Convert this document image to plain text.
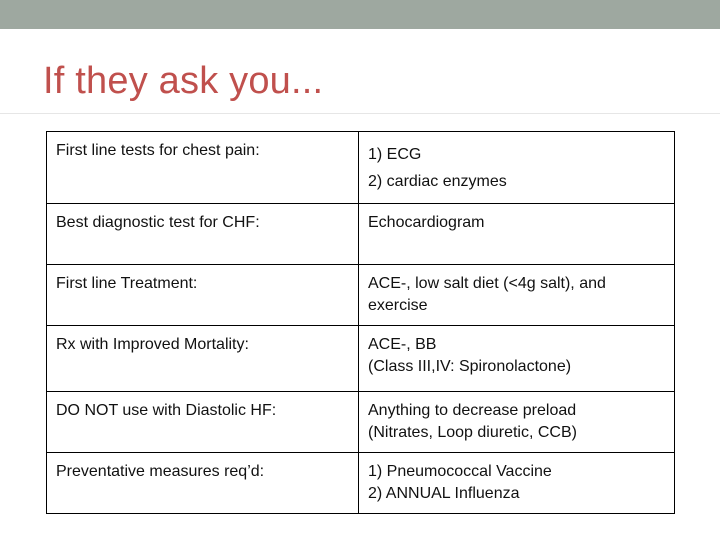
If they ask you...
First line tests for chest pain:	1) ECG
2) cardiac enzymes

Best diagnostic test for CHF:	Echocardiogram

First line Treatment:	ACE-, low salt diet (<4g salt), and exercise

Rx with Improved Mortality:	ACE-, BB
(Class III,IV: Spironolactone)

DO NOT use with Diastolic HF:	Anything to decrease preload
(Nitrates, Loop diuretic, CCB)

Preventative measures req’d:	1) Pneumococcal Vaccine
2) ANNUAL Influenza
